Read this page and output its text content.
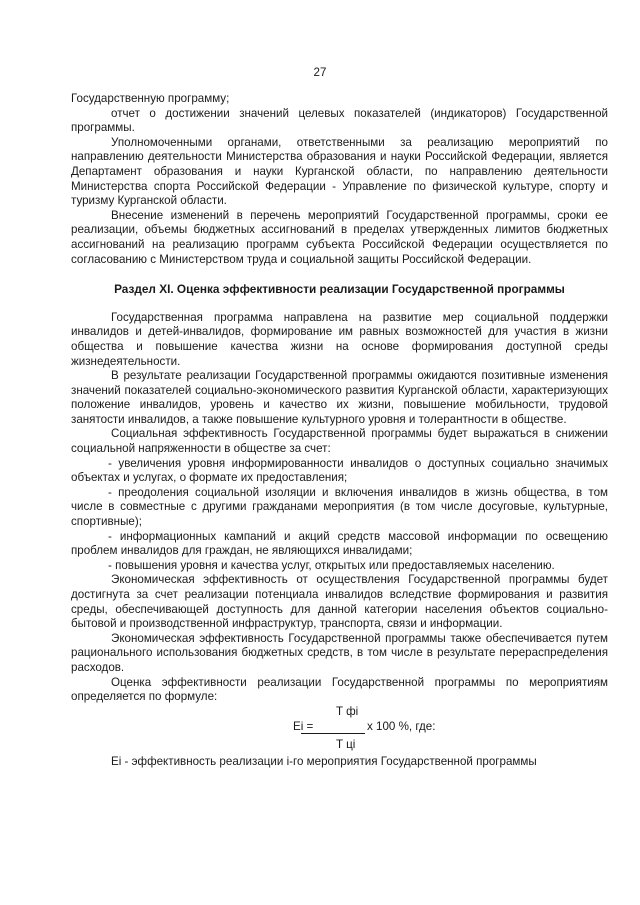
27

Государственную программу;

отчет о достижении значений целевых показателей (индикаторов) Государственной программы.

Уполномоченными органами, ответственными за реализацию мероприятий по направлению деятельности Министерства образования и науки Российской Федерации, является Департамент образования и науки Курганской области, по направлению деятельности Министерства спорта Российской Федерации - Управление по физической культуре, спорту и туризму Курганской области.

Внесение изменений в перечень мероприятий Государственной программы, сроки ее реализации, объемы бюджетных ассигнований в пределах утвержденных лимитов бюджетных ассигнований на реализацию программ субъекта Российской Федерации осуществляется по согласованию с Министерством труда и социальной защиты Российской Федерации.

Раздел XI. Оценка эффективности реализации Государственной программы

Государственная программа направлена на развитие мер социальной поддержки инвалидов и детей-инвалидов, формирование им равных возможностей для участия в жизни общества и повышение качества жизни на основе формирования доступной среды жизнедеятельности.

В результате реализации Государственной программы ожидаются позитивные изменения значений показателей социально-экономического развития Курганской области, характеризующих положение инвалидов, уровень и качество их жизни, повышение мобильности, трудовой занятости инвалидов, а также повышение культурного уровня и толерантности в обществе.

Социальная эффективность Государственной программы будет выражаться в снижении социальной напряженности в обществе за счет:

- увеличения уровня информированности инвалидов о доступных социально значимых объектах и услугах, о формате их предоставления;

- преодоления социальной изоляции и включения инвалидов в жизнь общества, в том числе в совместные с другими гражданами мероприятия (в том числе досуговые, культурные, спортивные);

- информационных кампаний и акций средств массовой информации по освещению проблем инвалидов для граждан, не являющихся инвалидами;

- повышения уровня и качества услуг, открытых или предоставляемых населению.

Экономическая эффективность от осуществления Государственной программы будет достигнута за счет реализации потенциала инвалидов вследствие формирования и развития среды, обеспечивающей доступность для данной категории населения объектов социально-бытовой и производственной инфраструктур, транспорта, связи и информации.

Экономическая эффективность Государственной программы также обеспечивается путем рационального использования бюджетных средств, в том числе в результате перераспределения расходов.

Оценка эффективности реализации Государственной программы по мероприятиям определяется по формуле:

T фi
Ei =	x 100 %, где:
T цi

Ei - эффективность реализации i-го мероприятия Государственной программы
